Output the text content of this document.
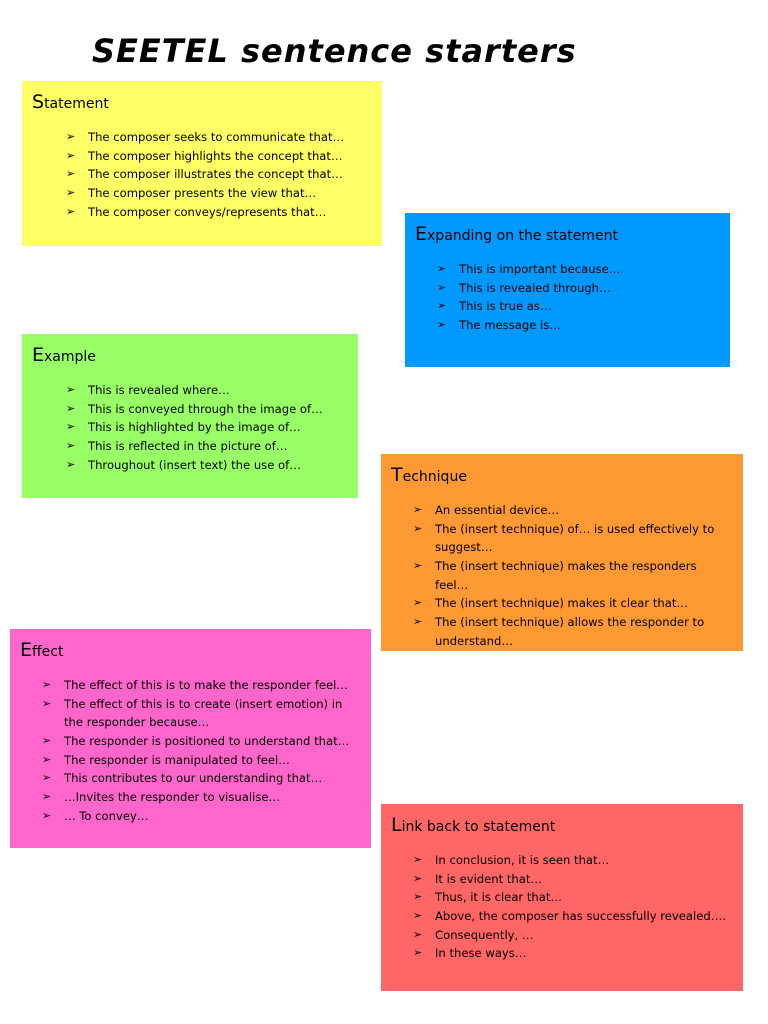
SEETEL sentence starters
Statement
➢ The composer seeks to communicate that…
➢ The composer highlights the concept that…
➢ The composer illustrates the concept that…
➢ The composer presents the view that…
➢ The composer conveys/represents that…
Expanding on the statement
➢ This is important because…
➢ This is revealed through…
➢ This is true as…
➢ The message is…
Example
➢ This is revealed where…
➢ This is conveyed through the image of…
➢ This is highlighted by the image of…
➢ This is reflected in the picture of…
➢ Throughout (insert text) the use of…	Technique
➢ An essential device…
➢ The (insert technique) of… is used effectively to suggest…
➢ The (insert technique) makes the responders feel…
➢ The (insert technique) makes it clear that…
➢ The (insert technique) allows the responder to understand…
Effect
➢ The effect of this is to make the responder feel…
➢ The effect of this is to create (insert emotion) in the responder because…
➢ The responder is positioned to understand that…
➢ The responder is manipulated to feel…
➢ This contributes to our understanding that…
➢ …Invites the responder to visualise…
➢ … To convey…	Link back to statement
➢ In conclusion, it is seen that…
➢ It is evident that…
➢ Thus, it is clear that…
➢ Above, the composer has successfully revealed….
➢ Consequently, …
➢ In these ways…
